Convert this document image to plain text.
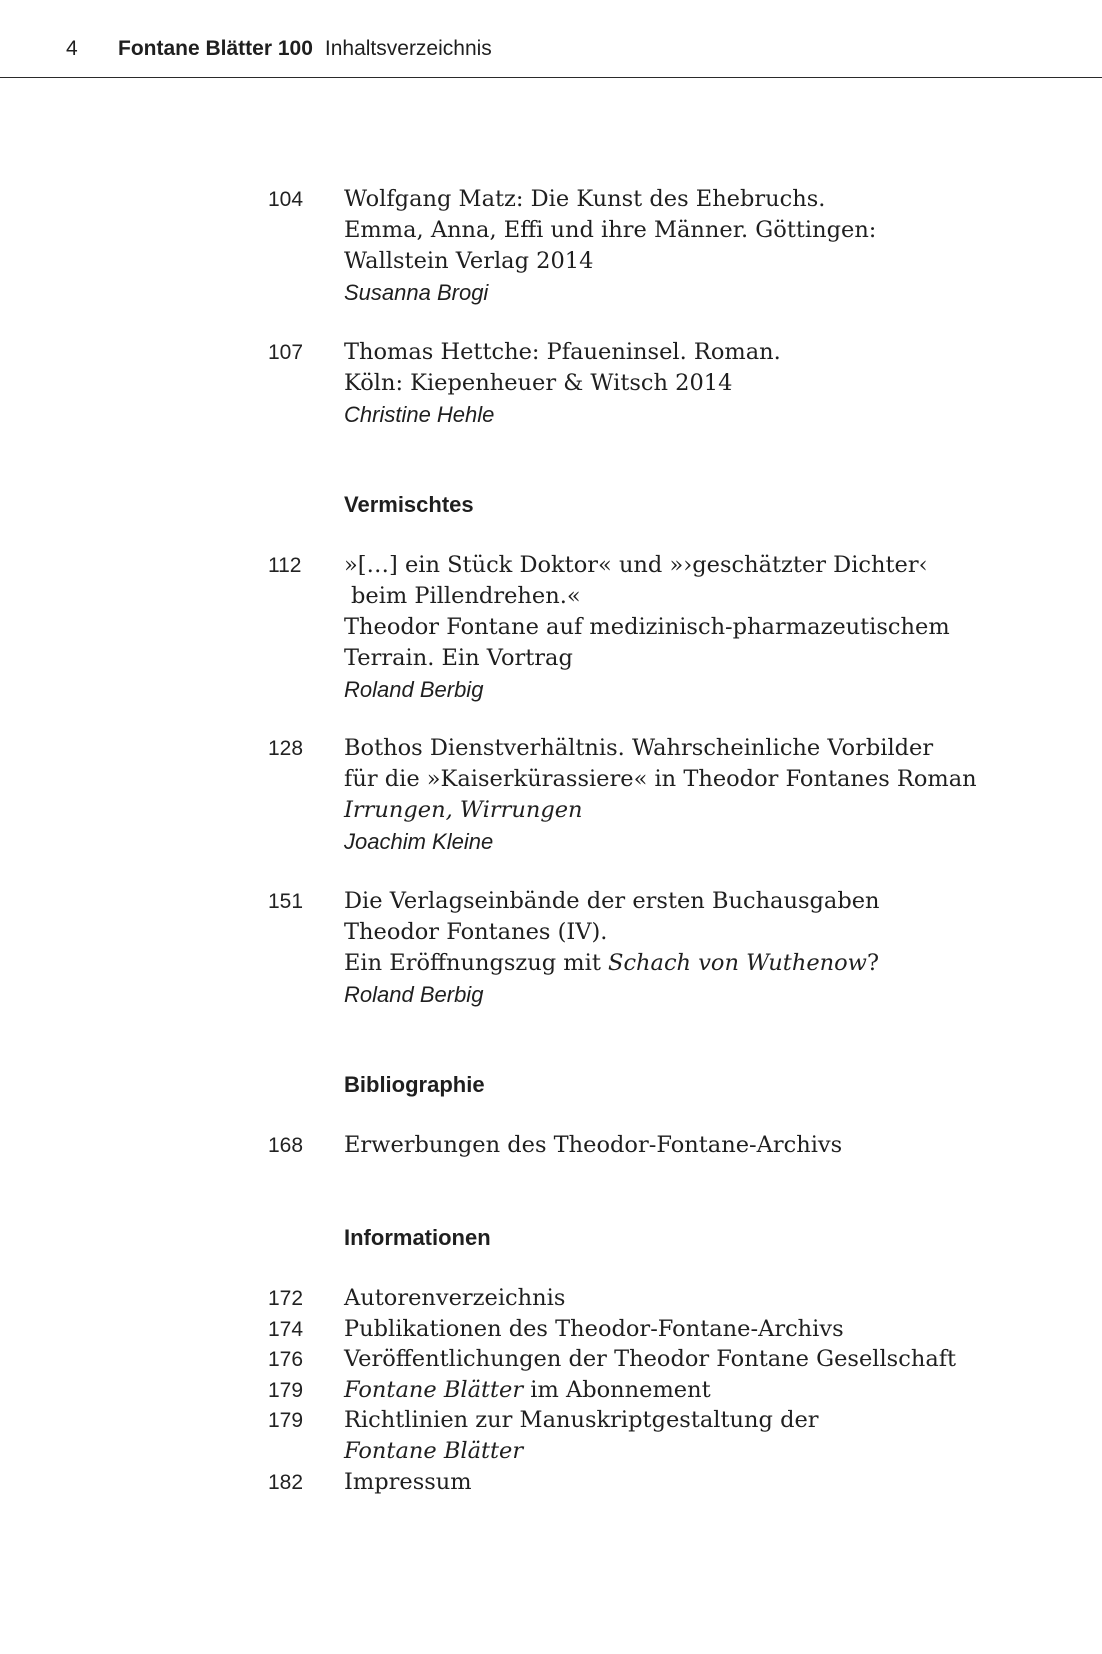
4 Fontane Blätter 100 Inhaltsverzeichnis
104	Wolfgang Matz: Die Kunst des Ehebruchs.
Emma, Anna, Effi und ihre Männer. Göttingen:
Wallstein Verlag 2014
Susanna Brogi
107	Thomas Hettche: Pfaueninsel. Roman.
Köln: Kiepenheuer & Witsch 2014
Christine Hehle
Vermischtes
112	»[…] ein Stück Doktor« und »›geschätzter Dichter‹
beim Pillendrehen.«
Theodor Fontane auf medizinisch-pharmazeutischem
Terrain. Ein Vortrag
Roland Berbig
128	Bothos Dienstverhältnis. Wahrscheinliche Vorbilder
für die »Kaiserkürassiere« in Theodor Fontanes Roman
Irrungen, Wirrungen
Joachim Kleine
151	Die Verlagseinbände der ersten Buchausgaben
Theodor Fontanes (IV).
Ein Eröffnungszug mit Schach von Wuthenow?
Roland Berbig
Bibliographie
168	Erwerbungen des Theodor-Fontane-Archivs
Informationen
172	Autorenverzeichnis
174	Publikationen des Theodor-Fontane-Archivs
176	Veröffentlichungen der Theodor Fontane Gesellschaft
179	Fontane Blätter im Abonnement
179	Richtlinien zur Manuskriptgestaltung der
Fontane Blätter
182	Impressum
